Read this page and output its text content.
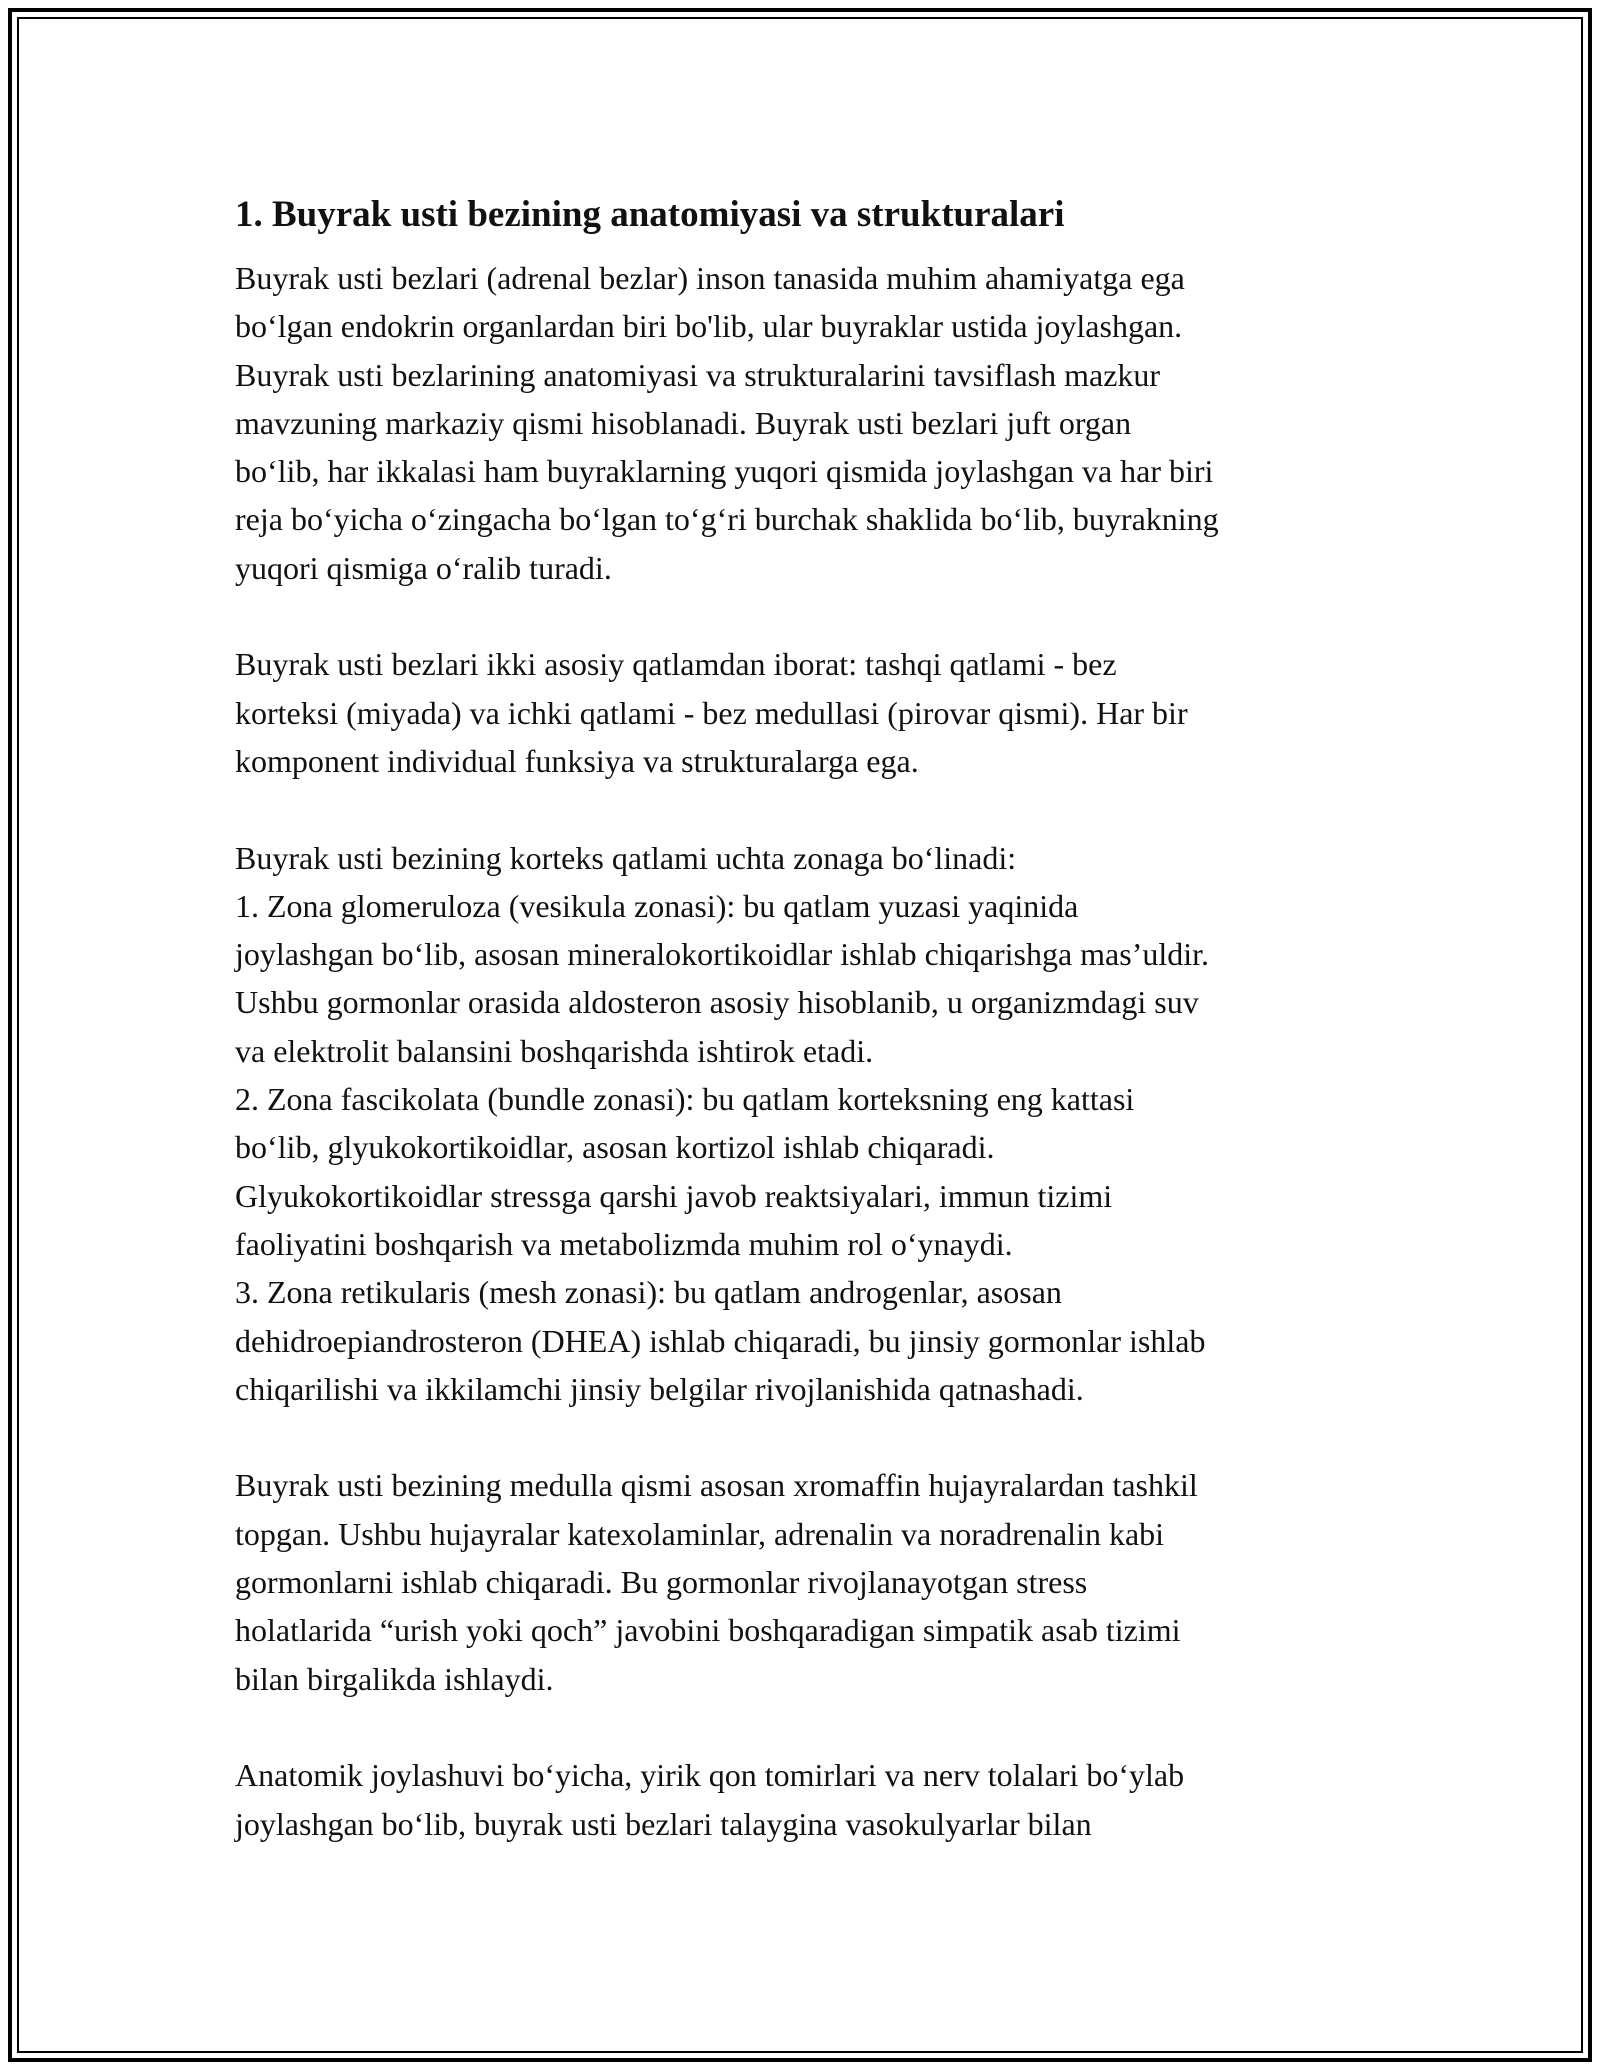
1. Buyrak usti bezining anatomiyasi va strukturalari

Buyrak usti bezlari (adrenal bezlar) inson tanasida muhim ahamiyatga ega
bo‘lgan endokrin organlardan biri bo'lib, ular buyraklar ustida joylashgan.
Buyrak usti bezlarining anatomiyasi va strukturalarini tavsiflash mazkur
mavzuning markaziy qismi hisoblanadi. Buyrak usti bezlari juft organ
bo‘lib, har ikkalasi ham buyraklarning yuqori qismida joylashgan va har biri
reja bo‘yicha o‘zingacha bo‘lgan to‘g‘ri burchak shaklida bo‘lib, buyrakning
yuqori qismiga o‘ralib turadi.

Buyrak usti bezlari ikki asosiy qatlamdan iborat: tashqi qatlami - bez
korteksi (miyada) va ichki qatlami - bez medullasi (pirovar qismi). Har bir
komponent individual funksiya va strukturalarga ega.

Buyrak usti bezining korteks qatlami uchta zonaga bo‘linadi:
1. Zona glomeruloza (vesikula zonasi): bu qatlam yuzasi yaqinida
joylashgan bo‘lib, asosan mineralokortikoidlar ishlab chiqarishga mas’uldir.
Ushbu gormonlar orasida aldosteron asosiy hisoblanib, u organizmdagi suv
va elektrolit balansini boshqarishda ishtirok etadi.
2. Zona fascikolata (bundle zonasi): bu qatlam korteksning eng kattasi
bo‘lib, glyukokortikoidlar, asosan kortizol ishlab chiqaradi.
Glyukokortikoidlar stressga qarshi javob reaktsiyalari, immun tizimi
faoliyatini boshqarish va metabolizmda muhim rol o‘ynaydi.
3. Zona retikularis (mesh zonasi): bu qatlam androgenlar, asosan
dehidroepiandrosteron (DHEA) ishlab chiqaradi, bu jinsiy gormonlar ishlab
chiqarilishi va ikkilamchi jinsiy belgilar rivojlanishida qatnashadi.

Buyrak usti bezining medulla qismi asosan xromaffin hujayralardan tashkil
topgan. Ushbu hujayralar katexolaminlar, adrenalin va noradrenalin kabi
gormonlarni ishlab chiqaradi. Bu gormonlar rivojlanayotgan stress
holatlarida “urish yoki qoch” javobini boshqaradigan simpatik asab tizimi
bilan birgalikda ishlaydi.

Anatomik joylashuvi bo‘yicha, yirik qon tomirlari va nerv tolalari bo‘ylab
joylashgan bo‘lib, buyrak usti bezlari talaygina vasokulyarlar bilan
